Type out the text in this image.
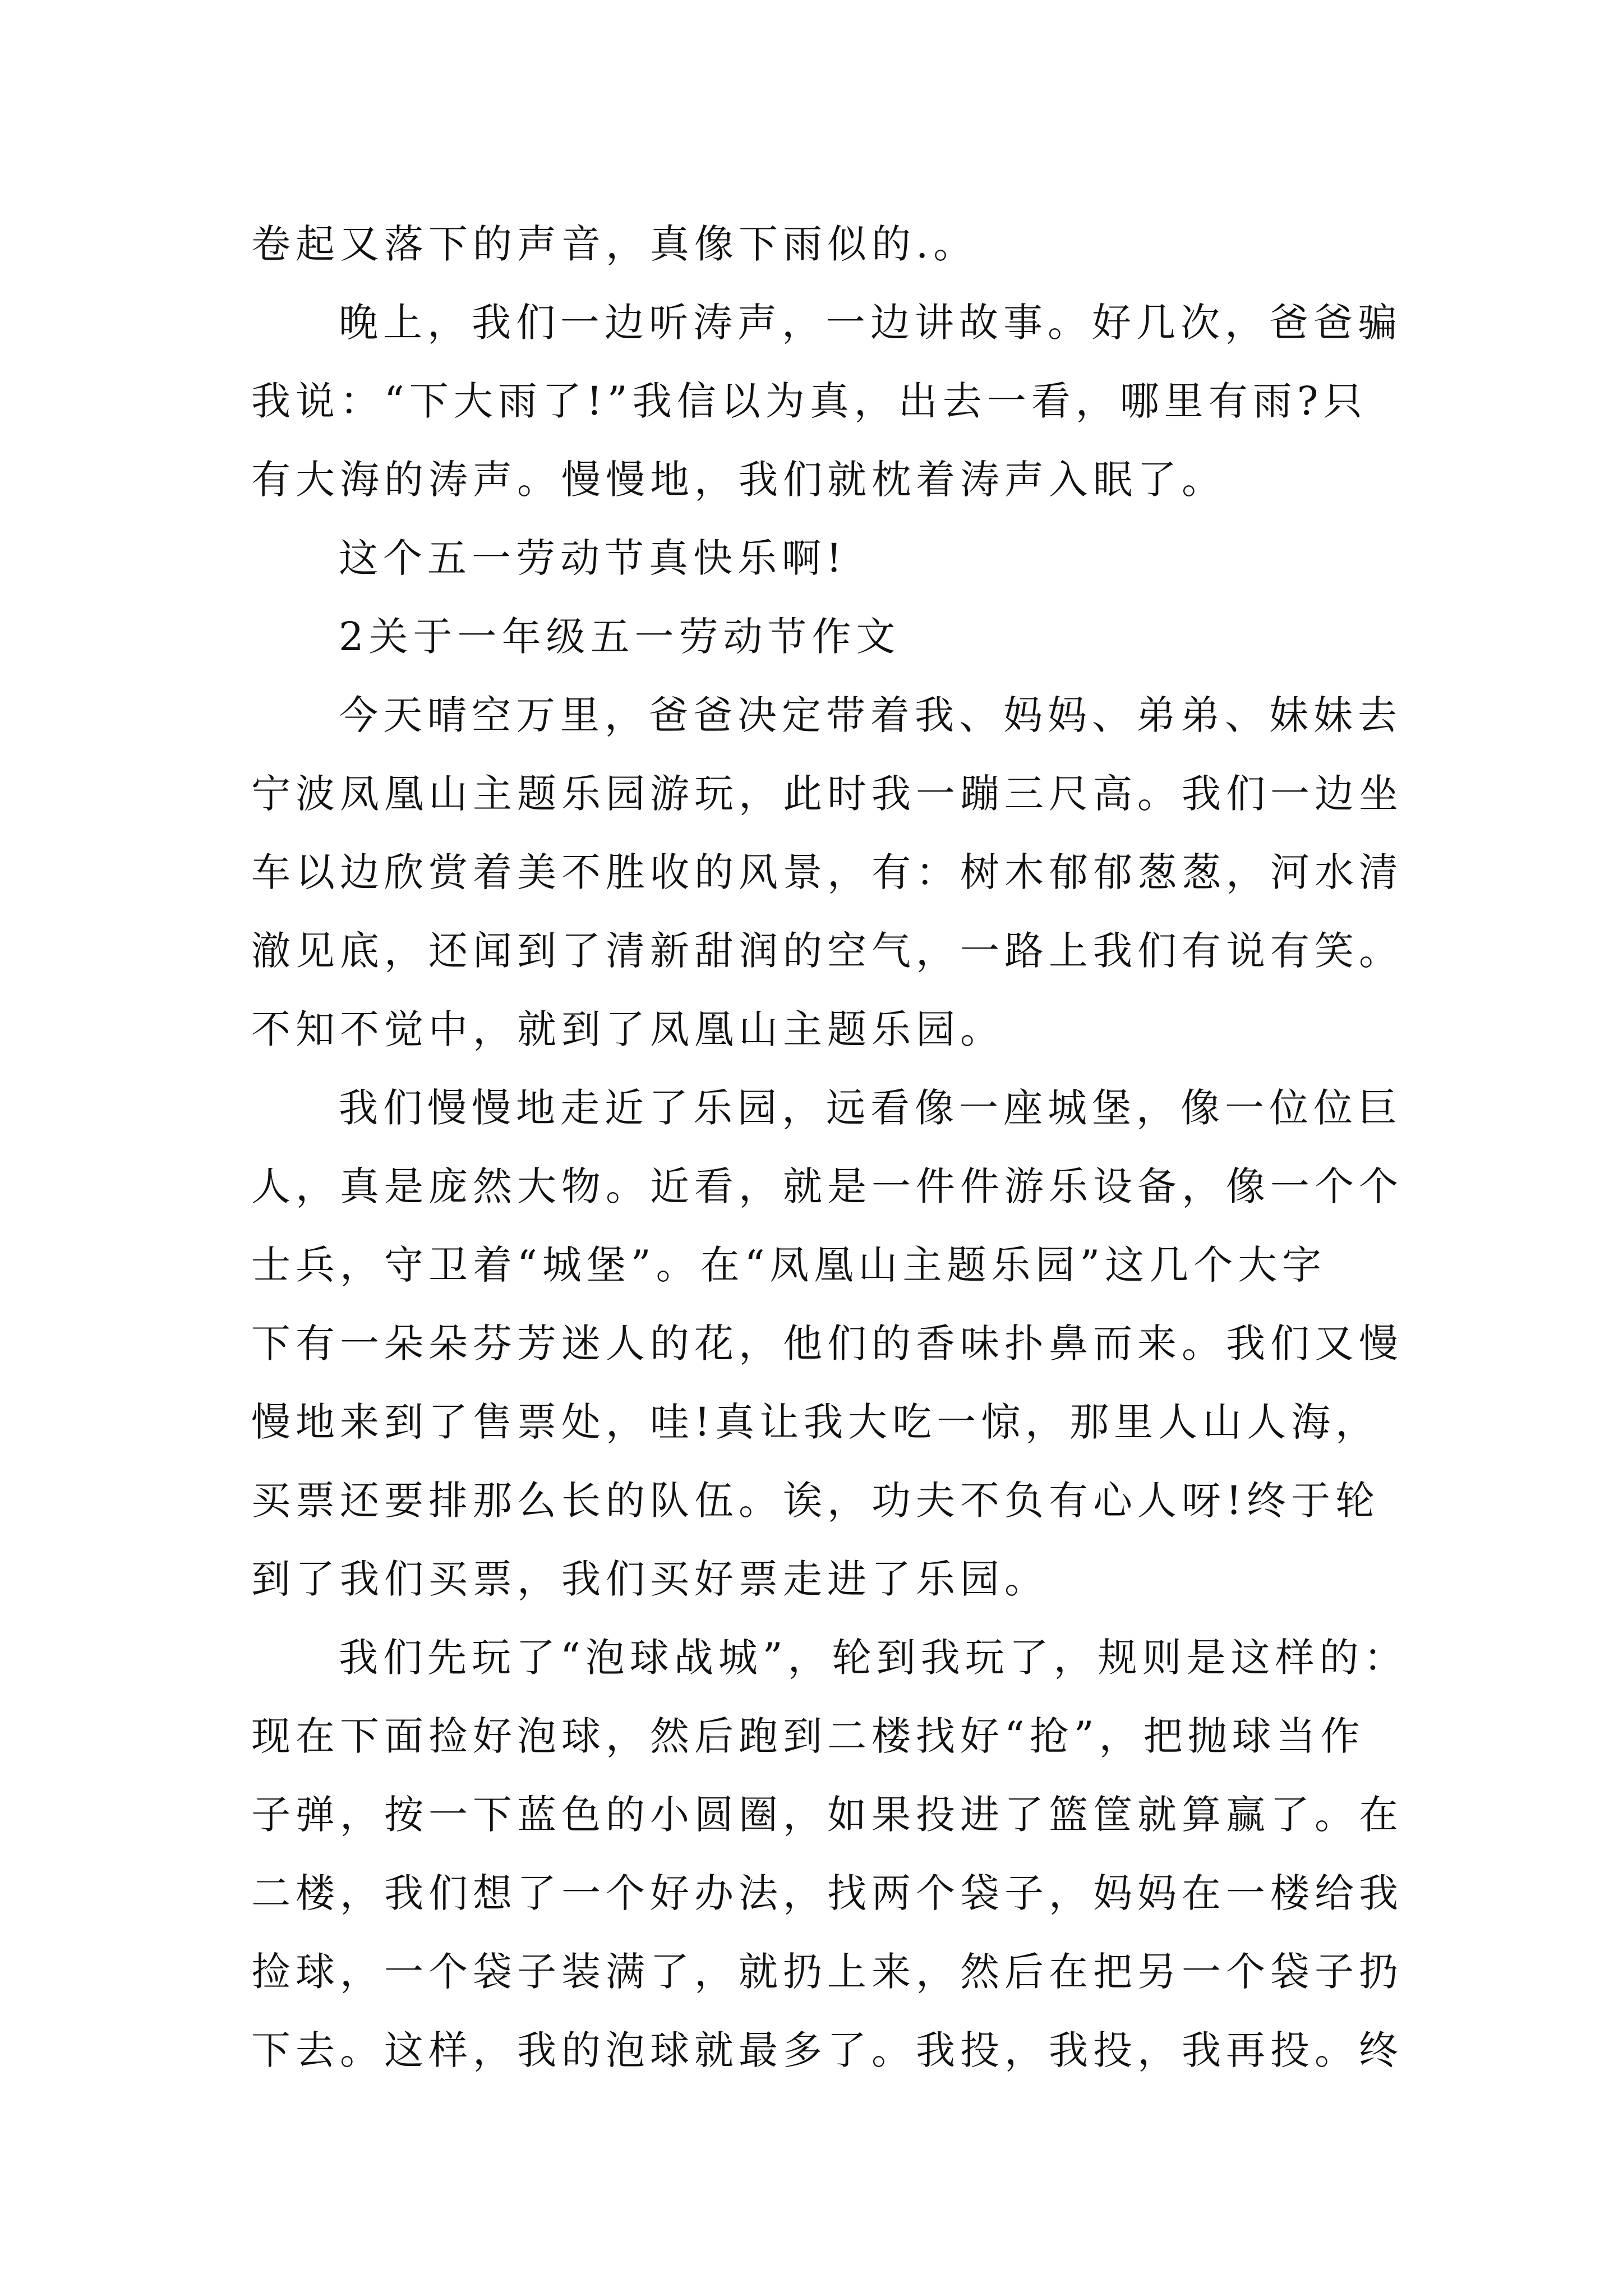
卷起又落下的声音，真像下雨似的.。
晚上，我们一边听涛声，一边讲故事。好几次，爸爸骗
我说：“下大雨了!”我信以为真，出去一看，哪里有雨?只
有大海的涛声。慢慢地，我们就枕着涛声入眠了。
这个五一劳动节真快乐啊!
2关于一年级五一劳动节作文
今天晴空万里，爸爸决定带着我、妈妈、弟弟、妹妹去
宁波凤凰山主题乐园游玩，此时我一蹦三尺高。我们一边坐
车以边欣赏着美不胜收的风景，有：树木郁郁葱葱，河水清
澈见底，还闻到了清新甜润的空气，一路上我们有说有笑。
不知不觉中，就到了凤凰山主题乐园。
我们慢慢地走近了乐园，远看像一座城堡，像一位位巨
人，真是庞然大物。近看，就是一件件游乐设备，像一个个
士兵，守卫着“城堡”。在“凤凰山主题乐园”这几个大字
下有一朵朵芬芳迷人的花，他们的香味扑鼻而来。我们又慢
慢地来到了售票处，哇!真让我大吃一惊，那里人山人海，
买票还要排那么长的队伍。诶，功夫不负有心人呀!终于轮
到了我们买票，我们买好票走进了乐园。
我们先玩了“泡球战城”，轮到我玩了，规则是这样的：
现在下面捡好泡球，然后跑到二楼找好“抢”，把抛球当作
子弹，按一下蓝色的小圆圈，如果投进了篮筐就算赢了。在
二楼，我们想了一个好办法，找两个袋子，妈妈在一楼给我
捡球，一个袋子装满了，就扔上来，然后在把另一个袋子扔
下去。这样，我的泡球就最多了。我投，我投，我再投。终
